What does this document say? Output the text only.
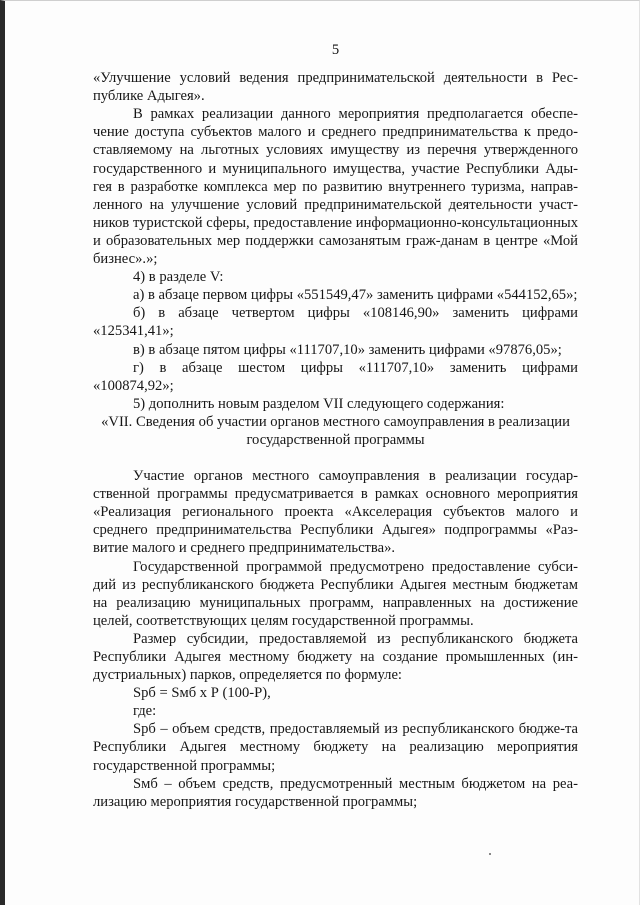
5
«Улучшение условий ведения предпринимательской деятельности в Рес-публике Адыгея».
В рамках реализации данного мероприятия предполагается обеспе-чение доступа субъектов малого и среднего предпринимательства к предо-ставляемому на льготных условиях имуществу из перечня утвержденного государственного и муниципального имущества, участие Республики Ады-гея в разработке комплекса мер по развитию внутреннего туризма, направ-ленного на улучшение условий предпринимательской деятельности участ-ников туристской сферы, предоставление информационно-консультационных и образовательных мер поддержки самозанятым граж-данам в центре «Мой бизнес».»;
4) в разделе V:
а) в абзаце первом цифры «551549,47» заменить цифрами «544152,65»;
б) в абзаце четвертом цифры «108146,90» заменить цифрами «125341,41»;
в) в абзаце пятом цифры «111707,10» заменить цифрами «97876,05»;
г) в абзаце шестом цифры «111707,10» заменить цифрами «100874,92»;
5) дополнить новым разделом VII следующего содержания:
«VII. Сведения об участии органов местного самоуправления в реализации государственной программы
Участие органов местного самоуправления в реализации государ-ственной программы предусматривается в рамках основного мероприятия «Реализация регионального проекта «Акселерация субъектов малого и среднего предпринимательства Республики Адыгея» подпрограммы «Раз-витие малого и среднего предпринимательства».
Государственной программой предусмотрено предоставление субси-дий из республиканского бюджета Республики Адыгея местным бюджетам на реализацию муниципальных программ, направленных на достижение целей, соответствующих целям государственной программы.
Размер субсидии, предоставляемой из республиканского бюджета Республики Адыгея местному бюджету на создание промышленных (ин-дустриальных) парков, определяется по формуле:
Sрб = Sмб х Р (100-Р),
где:
Sрб – объем средств, предоставляемый из республиканского бюдже-та Республики Адыгея местному бюджету на реализацию мероприятия государственной программы;
Sмб – объем средств, предусмотренный местным бюджетом на реа-лизацию мероприятия государственной программы;
